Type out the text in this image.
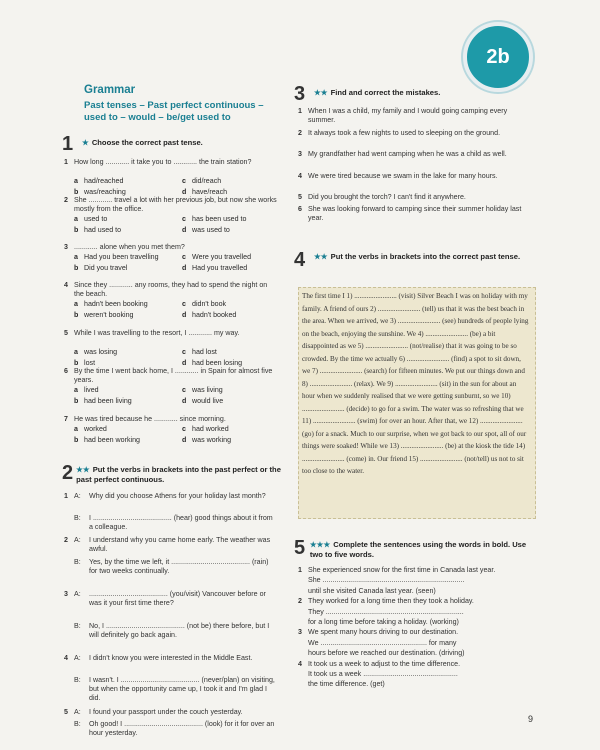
2b
Grammar
Past tenses – Past perfect continuous – used to – would – be/get used to
1	★ Choose the correct past tense.
1 How long ............ it take you to ............ the train station?
a had/reached	c did/reach
b was/reaching	d have/reach
2 She ............ travel a lot with her previous job, but now she works mostly from the office.
a used to	c has been used to
b had used to	d was used to
3 ............ alone when you met them?
a Had you been travelling	c Were you travelled
b Did you travel	d Had you travelled
4 Since they ............ any rooms, they had to spend the night on the beach.
a hadn't been booking	c didn't book
b weren't booking	d hadn't booked
5 While I was travelling to the resort, I ............ my way.
a was losing	c had lost
b lost	d had been losing
6 By the time I went back home, I ............ in Spain for almost five years.
a lived	c was living
b had been living	d would live
7 He was tired because he ............ since morning.
a worked	c had worked
b had been working	d was working
2 ★★ Put the verbs in brackets into the past perfect or the past perfect continuous.
1 A: Why did you choose Athens for your holiday last month?
B: I ........................................ (hear) good things about it from a colleague.
2 A: I understand why you came home early. The weather was awful.
B: Yes, by the time we left, it ........................................ (rain) for two weeks continually.
3 A: ........................................ (you/visit) Vancouver before or was it your first time there?
B: No, I ........................................ (not be) there before, but I will definitely go back again.
4 A: I didn't know you were interested in the Middle East.
B: I wasn't. I ........................................ (never/plan) on visiting, but when the opportunity came up, I took it and I'm glad I did.
5 A: I found your passport under the couch yesterday.
B: Oh good! I ........................................ (look) for it for over an hour yesterday.
3	★★ Find and correct the mistakes.
1 When I was a child, my family and I would going camping every summer.
2 It always took a few nights to used to sleeping on the ground.
3 My grandfather had went camping when he was a child as well.
4 We were tired because we swam in the lake for many hours.
5 Did you brought the torch? I can't find it anywhere.
6 She was looking forward to camping since their summer holiday last year.
4	★★ Put the verbs in brackets into the correct past tense.
The first time I 1) ........................ (visit) Silver Beach I was on holiday with my family. A friend of ours 2) ........................ (tell) us that it was the best beach in the area. When we arrived, we 3) ........................ (see) hundreds of people lying on the beach, enjoying the sunshine. We 4) ........................ (be) a bit disappointed as we 5) ........................ (not/realise) that it was going to be so crowded. By the time we actually 6) ........................ (find) a spot to sit down, we 7) ........................ (search) for fifteen minutes. We put our things down and 8) ........................ (relax). We 9) ........................ (sit) in the sun for about an hour when we suddenly realised that we were getting sunburnt, so we 10) ........................ (decide) to go for a swim. The water was so refreshing that we 11) ........................ (swim) for over an hour. After that, we 12) ........................ (go) for a snack. Much to our surprise, when we got back to our spot, all of our things were soaked! While we 13) ........................ (be) at the kiosk the tide 14) ........................ (come) in. Our friend 15) ........................ (not/tell) us not to sit too close to the water.
5 ★★★ Complete the sentences using the words in bold. Use two to five words.
1 She experienced snow for the first time in Canada last year.
She ........................................................................
until she visited Canada last year. (seen)
2 They worked for a long time then they took a holiday.
They ......................................................................
for a long time before taking a holiday. (working)
3 We spent many hours driving to our destination.
We ...................................................... for many
hours before we reached our destination. (driving)
4 It took us a week to adjust to the time difference.
It took us a week ................................................
the time difference. (get)
9
